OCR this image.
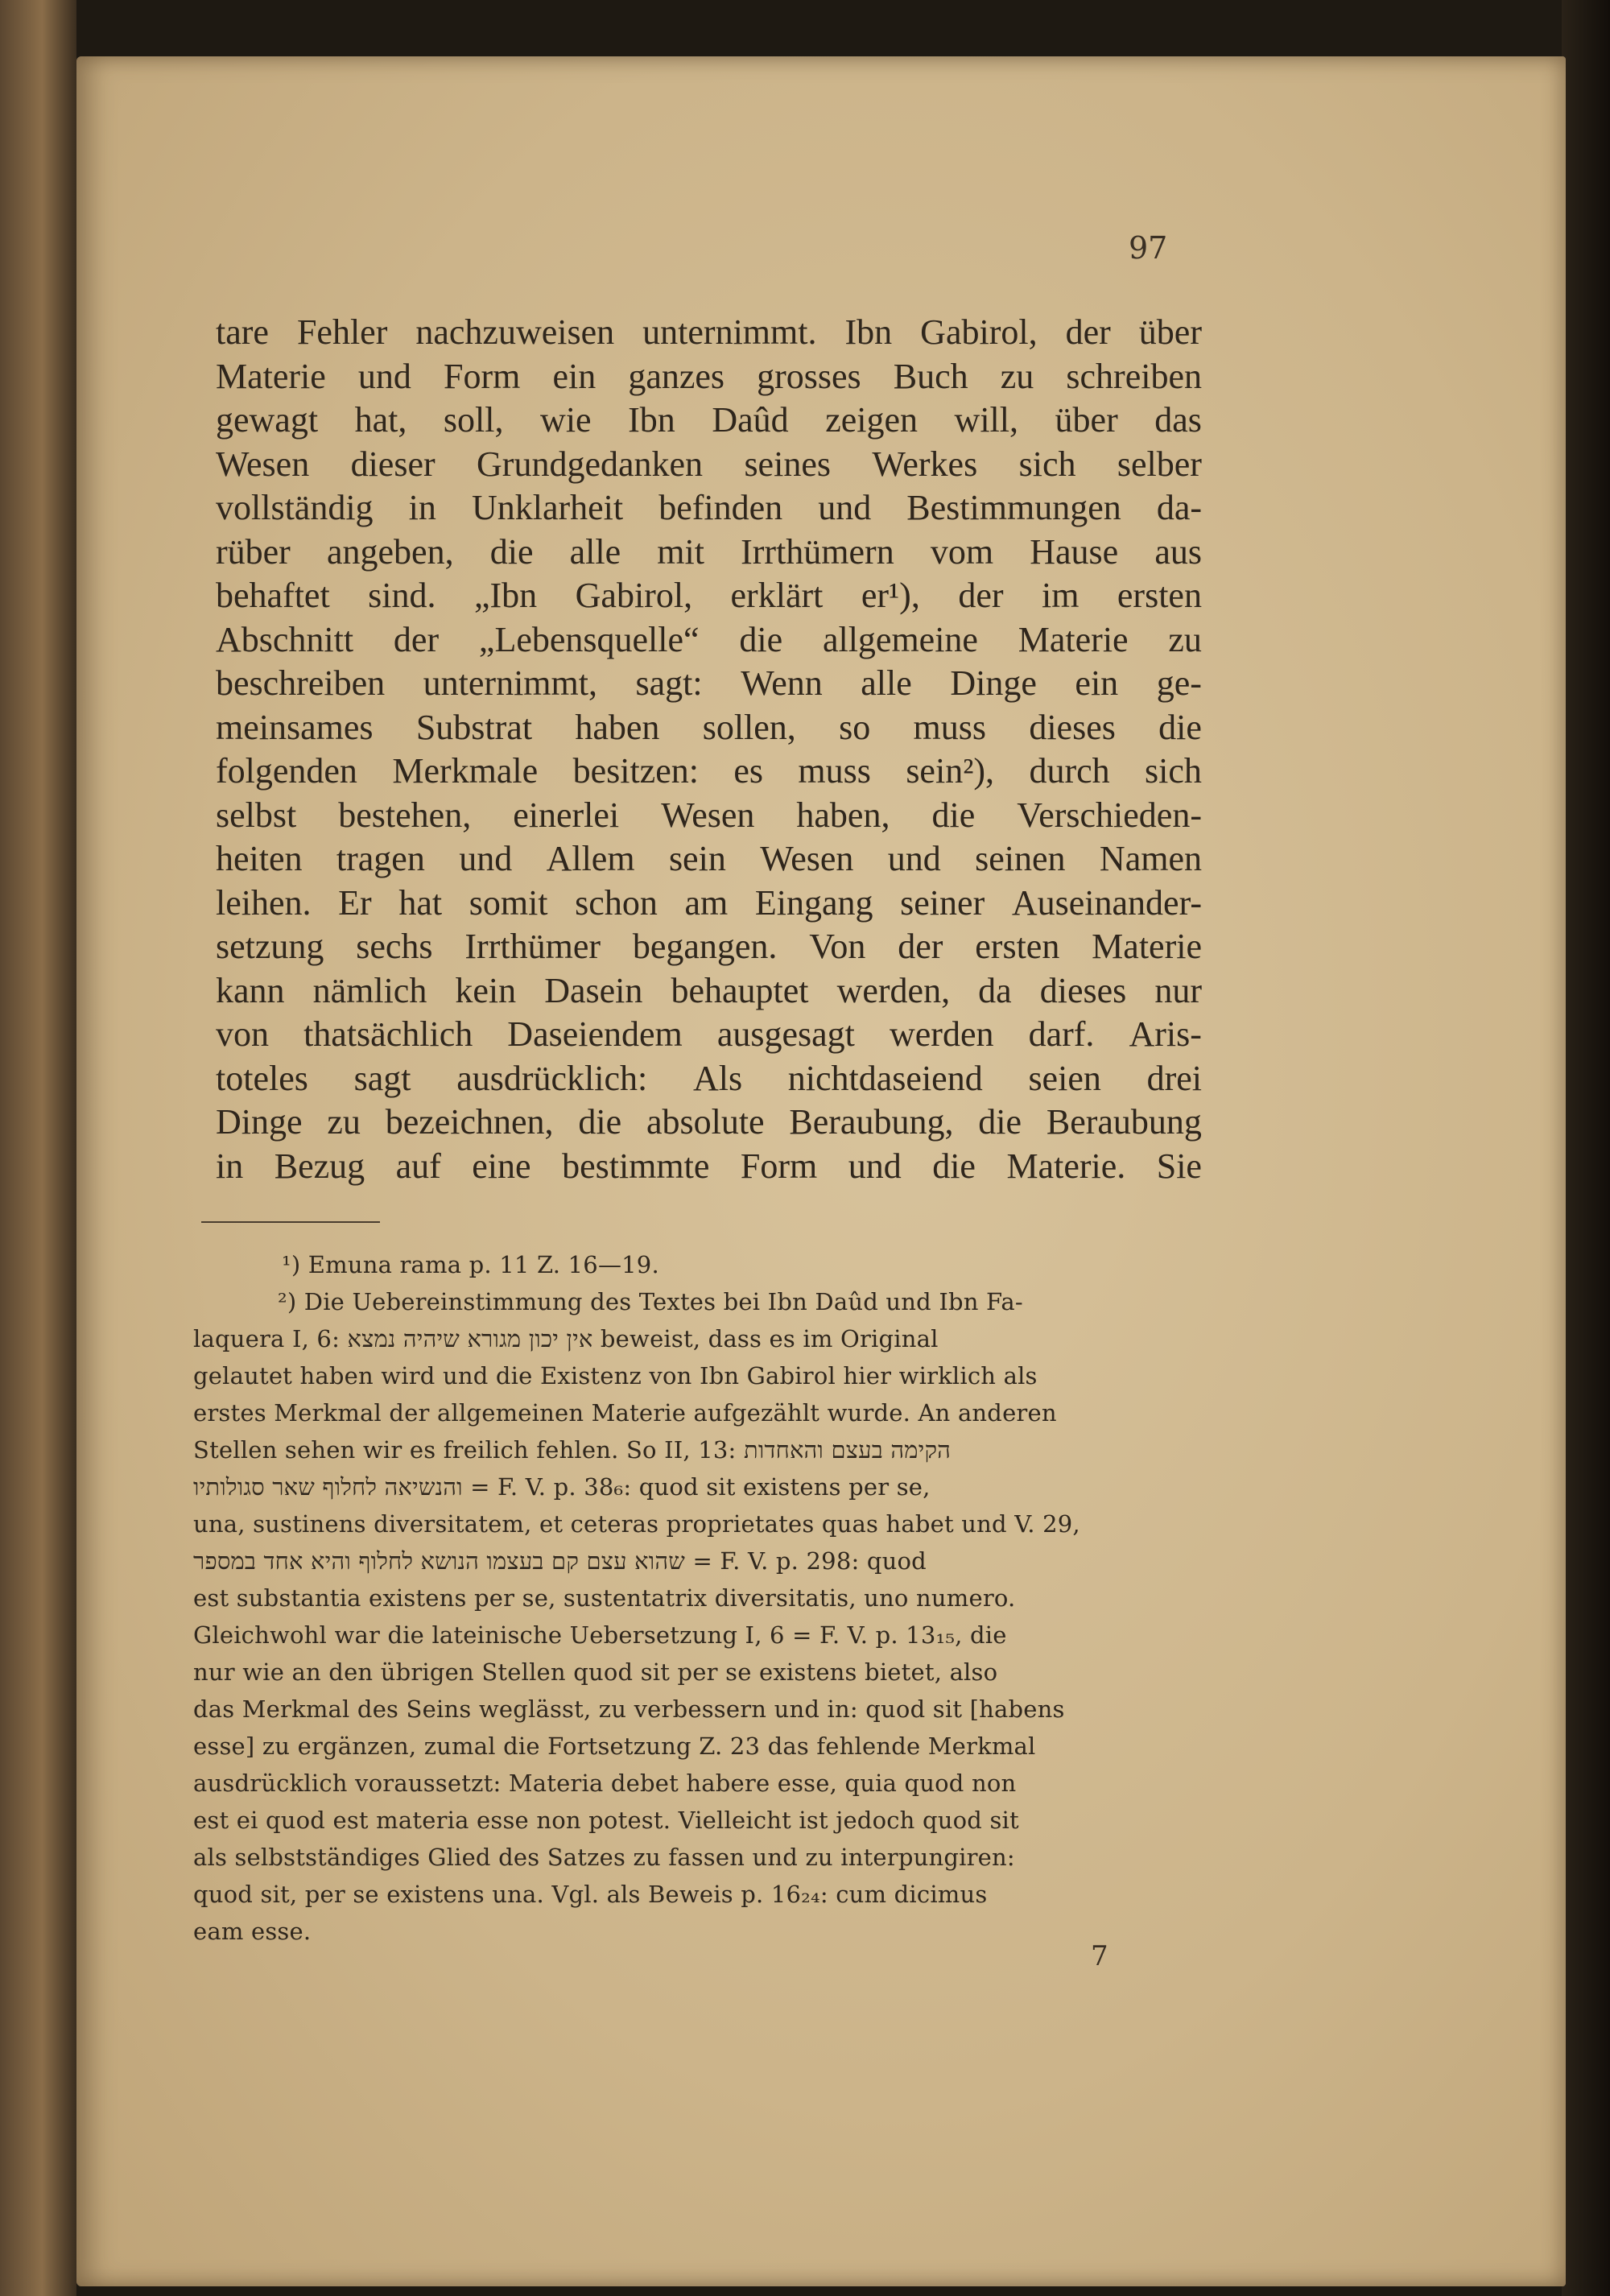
97
tare Fehler nachzuweisen unternimmt. Ibn Gabirol, der über
Materie und Form ein ganzes grosses Buch zu schreiben
gewagt hat, soll, wie Ibn Daûd zeigen will, über das
Wesen dieser Grundgedanken seines Werkes sich selber
vollständig in Unklarheit befinden und Bestimmungen da-
rüber angeben, die alle mit Irrthümern vom Hause aus
behaftet sind. „Ibn Gabirol, erklärt er¹), der im ersten
Abschnitt der „Lebensquelle“ die allgemeine Materie zu
beschreiben unternimmt, sagt: Wenn alle Dinge ein ge-
meinsames Substrat haben sollen, so muss dieses die
folgenden Merkmale besitzen: es muss sein²), durch sich
selbst bestehen, einerlei Wesen haben, die Verschieden-
heiten tragen und Allem sein Wesen und seinen Namen
leihen. Er hat somit schon am Eingang seiner Auseinander-
setzung sechs Irrthümer begangen. Von der ersten Materie
kann nämlich kein Dasein behauptet werden, da dieses nur
von thatsächlich Daseiendem ausgesagt werden darf. Aris-
toteles sagt ausdrücklich: Als nichtdaseiend seien drei
Dinge zu bezeichnen, die absolute Beraubung, die Beraubung
in Bezug auf eine bestimmte Form und die Materie. Sie
¹) Emuna rama p. 11 Z. 16—19.
²) Die Uebereinstimmung des Textes bei Ibn Daûd und Ibn Fa-
laquera I, 6: אין יכון מגורא שיהיה נמצא beweist, dass es im Original
gelautet haben wird und die Existenz von Ibn Gabirol hier wirklich als
erstes Merkmal der allgemeinen Materie aufgezählt wurde. An anderen
Stellen sehen wir es freilich fehlen. So II, 13: הקימה בעצם והאחדות
והנשיאה לחלוף שאר סגולותיו = F. V. p. 38₆: quod sit existens per se,
una, sustinens diversitatem, et ceteras proprietates quas habet und V. 29,
שהוא עצם קם בעצמו הנושא לחלוף והיא אחד במספר = F. V. p. 298: quod
est substantia existens per se, sustentatrix diversitatis, uno numero.
Gleichwohl war die lateinische Uebersetzung I, 6 = F. V. p. 13₁₅, die
nur wie an den übrigen Stellen quod sit per se existens bietet, also
das Merkmal des Seins weglässt, zu verbessern und in: quod sit [habens
esse] zu ergänzen, zumal die Fortsetzung Z. 23 das fehlende Merkmal
ausdrücklich voraussetzt: Materia debet habere esse, quia quod non
est ei quod est materia esse non potest. Vielleicht ist jedoch quod sit
als selbstständiges Glied des Satzes zu fassen und zu interpungiren:
quod sit, per se existens una. Vgl. als Beweis p. 16₂₄: cum dicimus
eam esse.
7
